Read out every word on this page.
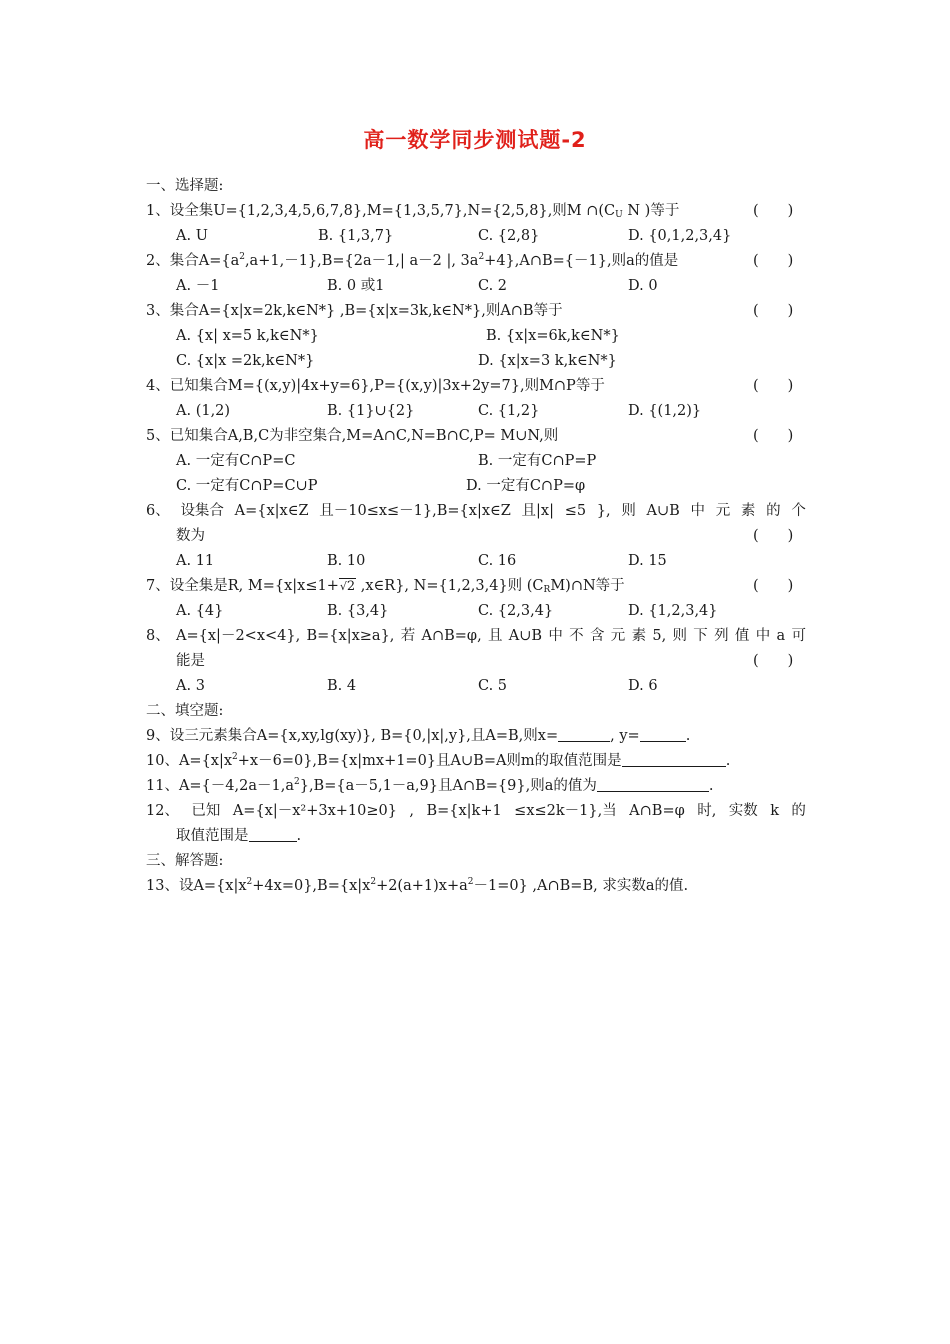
高一数学同步测试题-2
一、选择题:
1、设全集U={1,2,3,4,5,6,7,8},M={1,3,5,7},N={2,5,8},则M $\cap(C_U$ N )等于	(　　)
A. U	B. {1,3,7}	C. {2,8}	D. {0,1,2,3,4}
2、集合$A=\{a^2,a+1,-1\},B=\{2a-1,|$ a－2 |, $3a^2+4\},A\cap B=\{-1\}$,则a的值是	(　　)
A. －1	B. 0 或1	C. 2	D. 0
3、集合A={x|x=2k,k∈N*} ,B={x|x=3k,k∈N*},则A∩B等于	(　　)
A. {x| x=5 k,k∈N*}	B. {x|x=6k,k∈N*}
C. {x|x =2k,k∈N*}	D. {x|x=3 k,k∈N*}
4、已知集合M={(x,y)|4x+y=6},P={(x,y)|3x+2y=7},则M∩P等于	(　　)
A. (1,2)	B. {1}∪{2}	C. {1,2}	D. {(1,2)}
5、已知集合A,B,C为非空集合,M=A∩C,N=B∩C,P= M∪N,则	(　　)
A. 一定有C∩P=C	B. 一定有C∩P=P
C. 一定有C∩P=C∪P	D. 一定有C∩P=φ
6、 设集合 A={x|x∈Z 且－10≤x≤－1},B={x|x∈Z 且|x| ≤5 }, 则 A∪B 中 元 素 的 个
数为	(　　)
A. 11	B. 10	C. 16	D. 15
7、设全集是R, M={x|x≤1+√2 ,x∈R}, N={1,2,3,4}则 $(C_RM)\cap N$等于	(　　)
A. {4}	B. {3,4}	C. {2,3,4}	D. {1,2,3,4}
8、 A={x|－2<x<4}, B={x|x≥a}, 若 A∩B=φ, 且 A∪B 中 不 含 元 素 5, 则 下 列 值 中 a 可
能是	(　　)
A. 3	B. 4	C. 5	D. 6
二、填空题:
9、设三元素集合A={x,xy,lg(xy)}, B={0,|x|,y},且A=B,则x=	, y=	.
10、$A=\{x|x^2+x-6=0\},B=\{x|mx+1=0\}$且A∪B=A则m的取值范围是	.
11、$A=\{-4,2a-1,a^2\},B=\{a-5,1-a,9\}$且A∩B={9},则a的值为	.
12、 已知 A={x|－x²+3x+10≥0} , B={x|k+1 ≤x≤2k－1},当 A∩B=φ 时, 实数 k 的
取值范围是	.
三、解答题:
13、设$A=\{x|x^2+4x=0\},B=\{x|x^2+2(a+1)x+a^2-1=0\}$ ,A∩B=B, 求实数a的值.
